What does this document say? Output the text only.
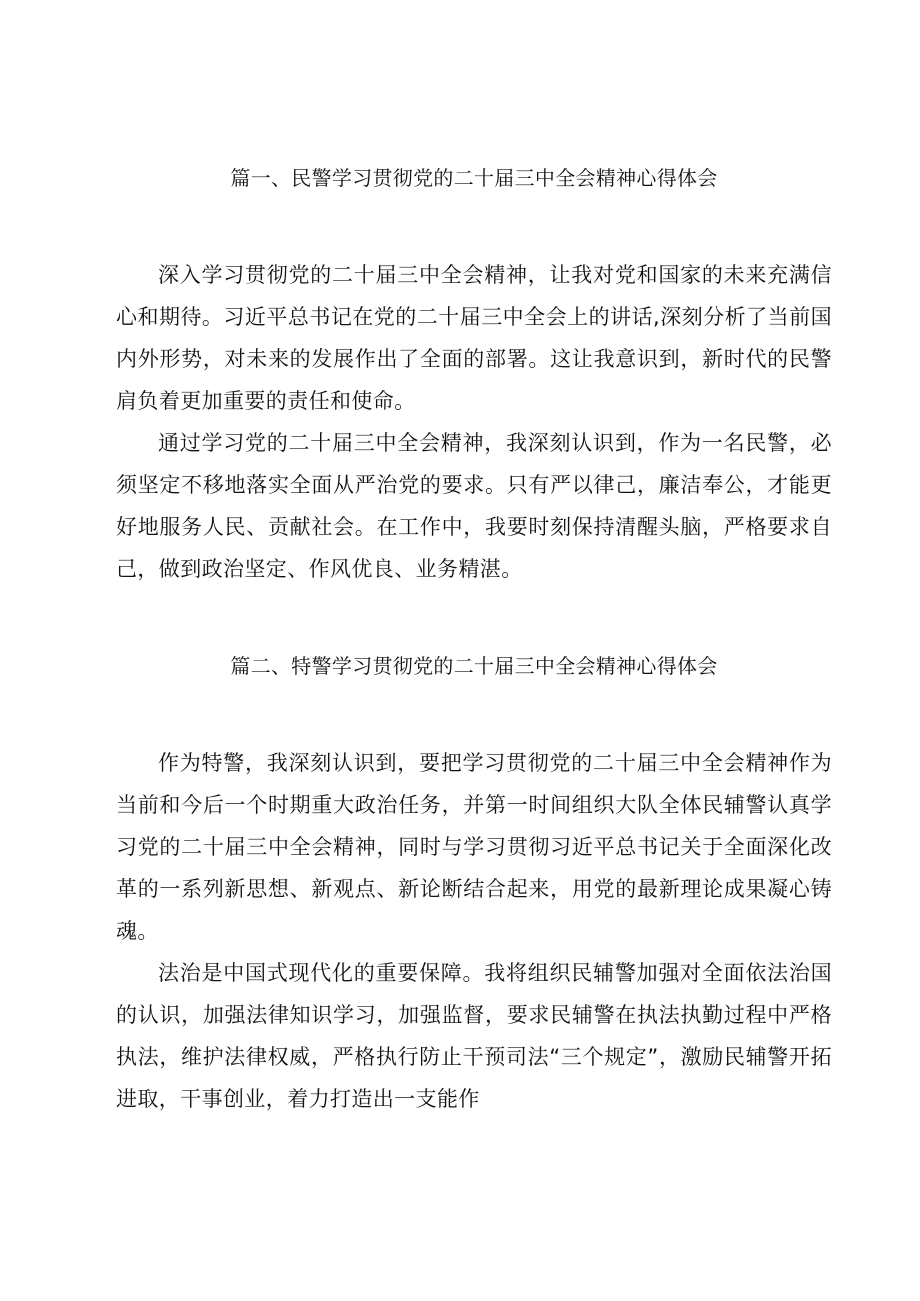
篇一、民警学习贯彻党的二十届三中全会精神心得体会

深入学习贯彻党的二十届三中全会精神，让我对党和国家的未来充满信心和期待。习近平总书记在党的二十届三中全会上的讲话,深刻分析了当前国内外形势，对未来的发展作出了全面的部署。这让我意识到，新时代的民警肩负着更加重要的责任和使命。

通过学习党的二十届三中全会精神，我深刻认识到，作为一名民警，必须坚定不移地落实全面从严治党的要求。只有严以律己，廉洁奉公，才能更好地服务人民、贡献社会。在工作中，我要时刻保持清醒头脑，严格要求自己，做到政治坚定、作风优良、业务精湛。

篇二、特警学习贯彻党的二十届三中全会精神心得体会

作为特警，我深刻认识到，要把学习贯彻党的二十届三中全会精神作为当前和今后一个时期重大政治任务，并第一时间组织大队全体民辅警认真学习党的二十届三中全会精神，同时与学习贯彻习近平总书记关于全面深化改革的一系列新思想、新观点、新论断结合起来，用党的最新理论成果凝心铸魂。

法治是中国式现代化的重要保障。我将组织民辅警加强对全面依法治国的认识，加强法律知识学习，加强监督，要求民辅警在执法执勤过程中严格执法，维护法律权威，严格执行防止干预司法“三个规定”，激励民辅警开拓进取，干事创业，着力打造出一支能作
